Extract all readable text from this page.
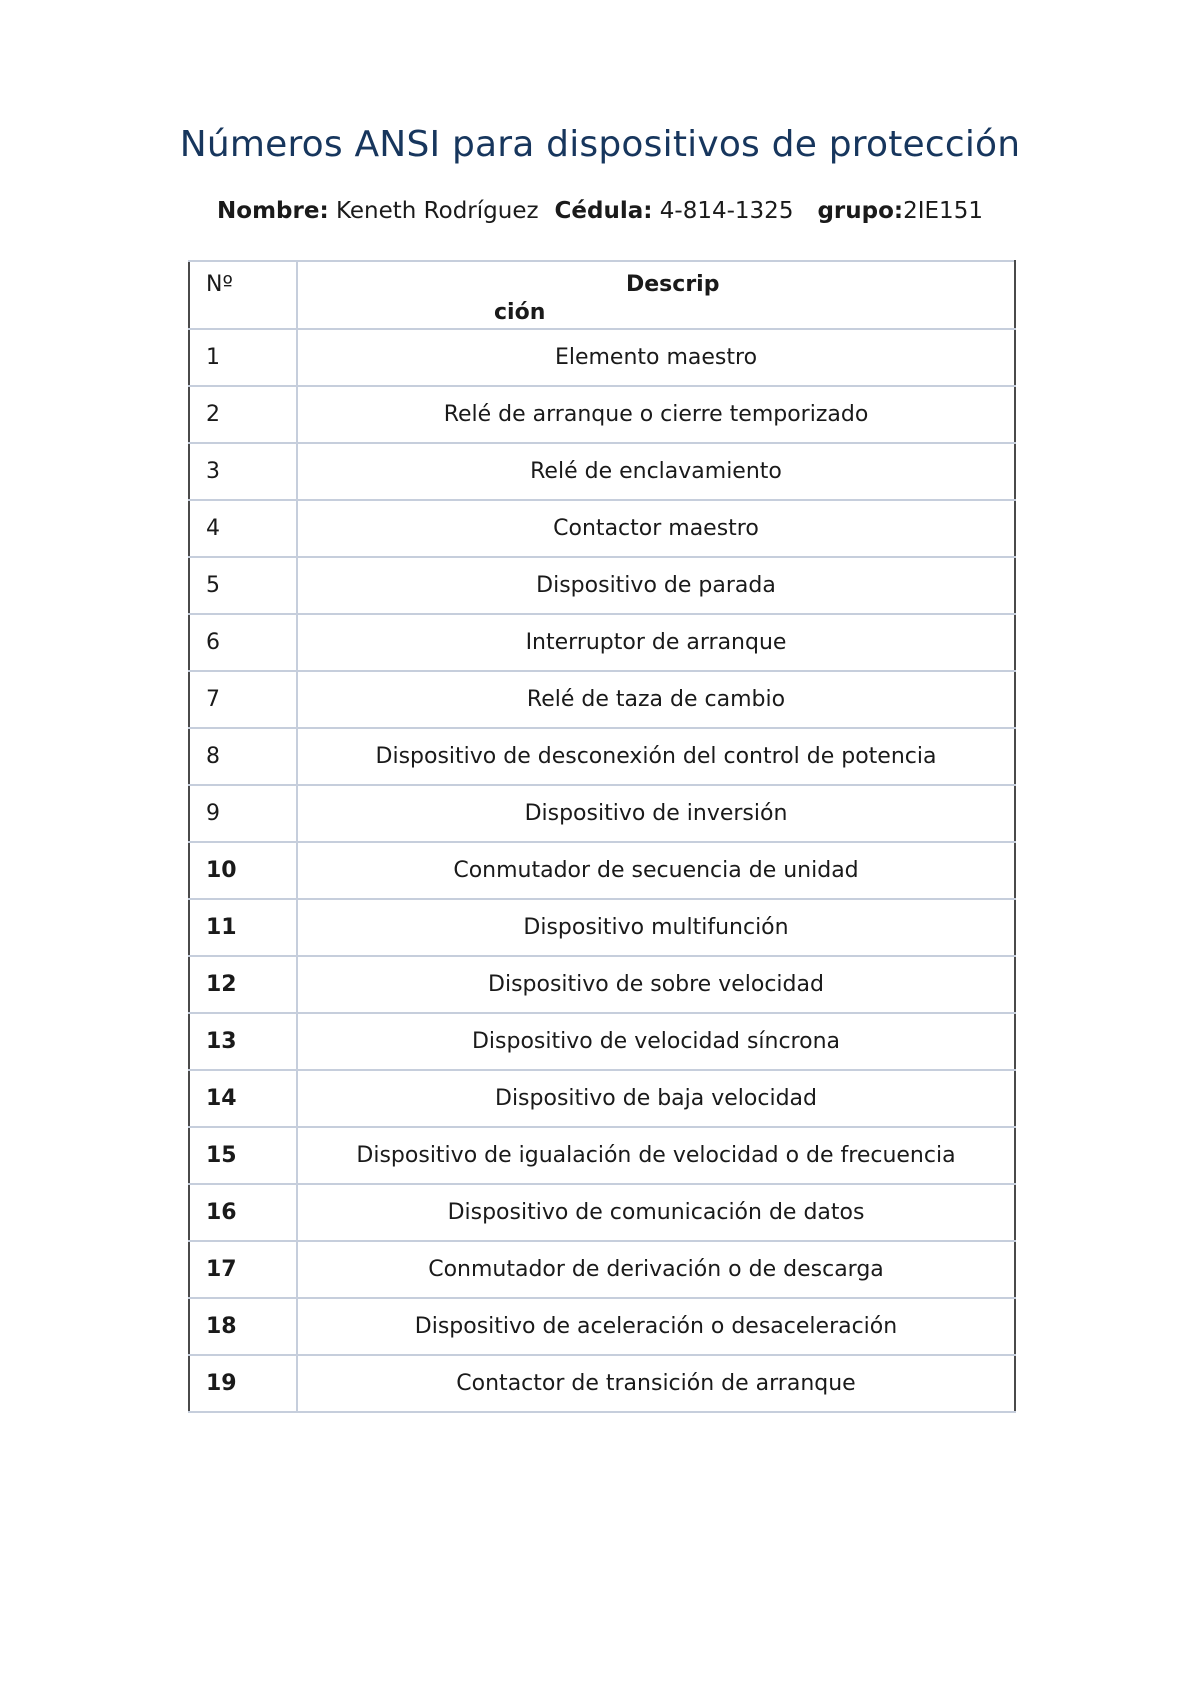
Números ANSI para dispositivos de protección
Nombre: Keneth Rodríguez Cédula: 4-814-1325 grupo:2IE151
Nº	Descrip
ción

1	Elemento maestro
2	Relé de arranque o cierre temporizado
3	Relé de enclavamiento
4	Contactor maestro
5	Dispositivo de parada
6	Interruptor de arranque
7	Relé de taza de cambio
8	Dispositivo de desconexión del control de potencia
9	Dispositivo de inversión
10	Conmutador de secuencia de unidad
11	Dispositivo multifunción
12	Dispositivo de sobre velocidad
13	Dispositivo de velocidad síncrona
14	Dispositivo de baja velocidad
15	Dispositivo de igualación de velocidad o de frecuencia
16	Dispositivo de comunicación de datos
17	Conmutador de derivación o de descarga
18	Dispositivo de aceleración o desaceleración
19	Contactor de transición de arranque
